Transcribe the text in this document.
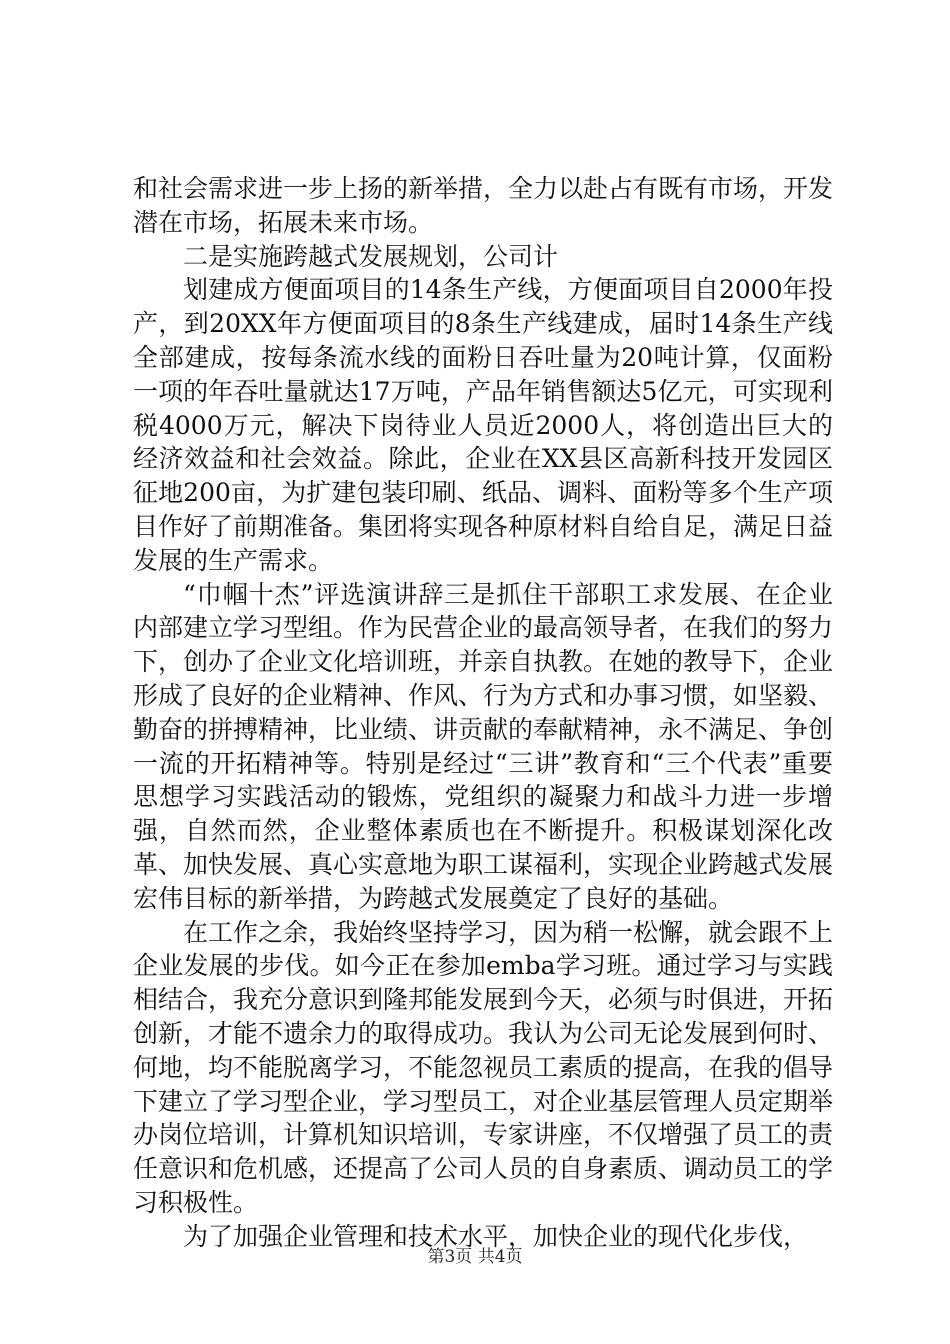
和社会需求进一步上扬的新举措，全力以赴占有既有市场，开发潜在市场，拓展未来市场。

二是实施跨越式发展规划，公司计

划建成方便面项目的14条生产线，方便面项目自2000年投产，到20XX年方便面项目的8条生产线建成，届时14条生产线全部建成，按每条流水线的面粉日吞吐量为20吨计算，仅面粉一项的年吞吐量就达17万吨，产品年销售额达5亿元，可实现利税4000万元，解决下岗待业人员近2000人，将创造出巨大的经济效益和社会效益。除此，企业在XX县区高新科技开发园区征地200亩，为扩建包装印刷、纸品、调料、面粉等多个生产项目作好了前期准备。集团将实现各种原材料自给自足，满足日益发展的生产需求。

“巾帼十杰”评选演讲辞三是抓住干部职工求发展、在企业内部建立学习型组。作为民营企业的最高领导者，在我们的努力下，创办了企业文化培训班，并亲自执教。在她的教导下，企业形成了良好的企业精神、作风、行为方式和办事习惯，如坚毅、勤奋的拼搏精神，比业绩、讲贡献的奉献精神，永不满足、争创一流的开拓精神等。特别是经过“三讲”教育和“三个代表”重要思想学习实践活动的锻炼，党组织的凝聚力和战斗力进一步增强，自然而然，企业整体素质也在不断提升。积极谋划深化改革、加快发展、真心实意地为职工谋福利，实现企业跨越式发展宏伟目标的新举措，为跨越式发展奠定了良好的基础。

在工作之余，我始终坚持学习，因为稍一松懈，就会跟不上企业发展的步伐。如今正在参加emba学习班。通过学习与实践相结合，我充分意识到隆邦能发展到今天，必须与时俱进，开拓创新，才能不遗余力的取得成功。我认为公司无论发展到何时、何地，均不能脱离学习，不能忽视员工素质的提高，在我的倡导下建立了学习型企业，学习型员工，对企业基层管理人员定期举办岗位培训，计算机知识培训，专家讲座，不仅增强了员工的责任意识和危机感，还提高了公司人员的自身素质、调动员工的学习积极性。

为了加强企业管理和技术水平，加快企业的现代化步伐，

第3页 共4页
